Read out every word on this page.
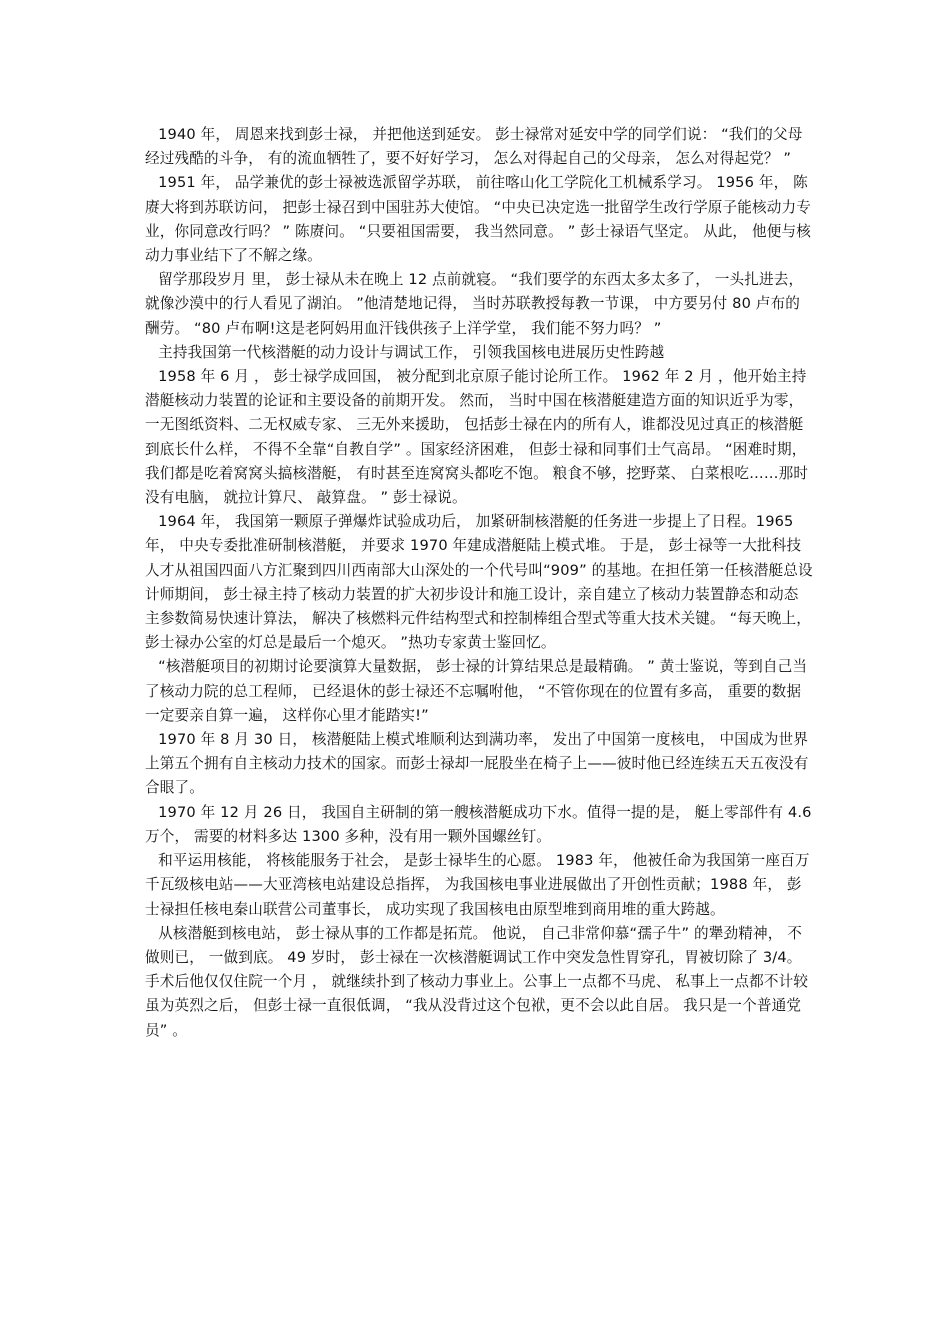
1940 年， 周恩来找到彭士禄， 并把他送到延安。 彭士禄常对延安中学的同学们说： “我们的父母经过残酷的斗争， 有的流血牺牲了，要不好好学习， 怎么对得起自己的父母亲， 怎么对得起党？ ”

1951 年， 品学兼优的彭士禄被选派留学苏联， 前往喀山化工学院化工机械系学习。 1956 年， 陈赓大将到苏联访问， 把彭士禄召到中国驻苏大使馆。 “中央已决定选一批留学生改行学原子能核动力专业，你同意改行吗？ ” 陈赓问。 “只要祖国需要， 我当然同意。 ” 彭士禄语气坚定。 从此， 他便与核动力事业结下了不解之缘。

留学那段岁月 里， 彭士禄从未在晚上 12 点前就寝。 “我们要学的东西太多太多了， 一头扎进去， 就像沙漠中的行人看见了湖泊。 ”他清楚地记得， 当时苏联教授每教一节课， 中方要另付 80 卢布的酬劳。 “80 卢布啊!这是老阿妈用血汗钱供孩子上洋学堂， 我们能不努力吗？ ”

主持我国第一代核潜艇的动力设计与调试工作， 引领我国核电进展历史性跨越

1958 年 6 月 ， 彭士禄学成回国， 被分配到北京原子能讨论所工作。 1962 年 2 月 ，他开始主持潜艇核动力装置的论证和主要设备的前期开发。 然而， 当时中国在核潜艇建造方面的知识近乎为零， 一无图纸资料、二无权威专家、 三无外来援助， 包括彭士禄在内的所有人，谁都没见过真正的核潜艇到底长什么样， 不得不全靠“自教自学” 。国家经济困难， 但彭士禄和同事们士气高昂。 “困难时期， 我们都是吃着窝窝头搞核潜艇， 有时甚至连窝窝头都吃不饱。 粮食不够，挖野菜、 白菜根吃……那时没有电脑， 就拉计算尺、 敲算盘。 ” 彭士禄说。

1964 年， 我国第一颗原子弹爆炸试验成功后， 加紧研制核潜艇的任务进一步提上了日程。1965 年， 中央专委批准研制核潜艇， 并要求 1970 年建成潜艇陆上模式堆。 于是， 彭士禄等一大批科技人才从祖国四面八方汇聚到四川西南部大山深处的一个代号叫“909” 的基地。在担任第一任核潜艇总设计师期间， 彭士禄主持了核动力装置的扩大初步设计和施工设计，亲自建立了核动力装置静态和动态主参数简易快速计算法， 解决了核燃料元件结构型式和控制棒组合型式等重大技术关键。 “每天晚上， 彭士禄办公室的灯总是最后一个熄灭。 ”热功专家黄士鉴回忆。

“核潜艇项目的初期讨论要演算大量数据， 彭士禄的计算结果总是最精确。 ” 黄士鉴说，等到自己当了核动力院的总工程师， 已经退休的彭士禄还不忘嘱咐他， “不管你现在的位置有多高， 重要的数据一定要亲自算一遍， 这样你心里才能踏实!”

1970 年 8 月 30 日， 核潜艇陆上模式堆顺利达到满功率， 发出了中国第一度核电， 中国成为世界上第五个拥有自主核动力技术的国家。而彭士禄却一屁股坐在椅子上——彼时他已经连续五天五夜没有合眼了。

1970 年 12 月 26 日， 我国自主研制的第一艘核潜艇成功下水。值得一提的是， 艇上零部件有 4.6 万个， 需要的材料多达 1300 多种，没有用一颗外国螺丝钉。

和平运用核能， 将核能服务于社会， 是彭士禄毕生的心愿。 1983 年， 他被任命为我国第一座百万千瓦级核电站——大亚湾核电站建设总指挥， 为我国核电事业进展做出了开创性贡献；1988 年， 彭士禄担任核电秦山联营公司董事长， 成功实现了我国核电由原型堆到商用堆的重大跨越。

从核潜艇到核电站， 彭士禄从事的工作都是拓荒。 他说， 自己非常仰慕“孺子牛” 的犟劲精神， 不做则已， 一做到底。 49 岁时， 彭士禄在一次核潜艇调试工作中突发急性胃穿孔，胃被切除了 3/4。 手术后他仅仅住院一个月 ， 就继续扑到了核动力事业上。公事上一点都不马虎、 私事上一点都不计较虽为英烈之后， 但彭士禄一直很低调， “我从没背过这个包袱，更不会以此自居。 我只是一个普通党员” 。
